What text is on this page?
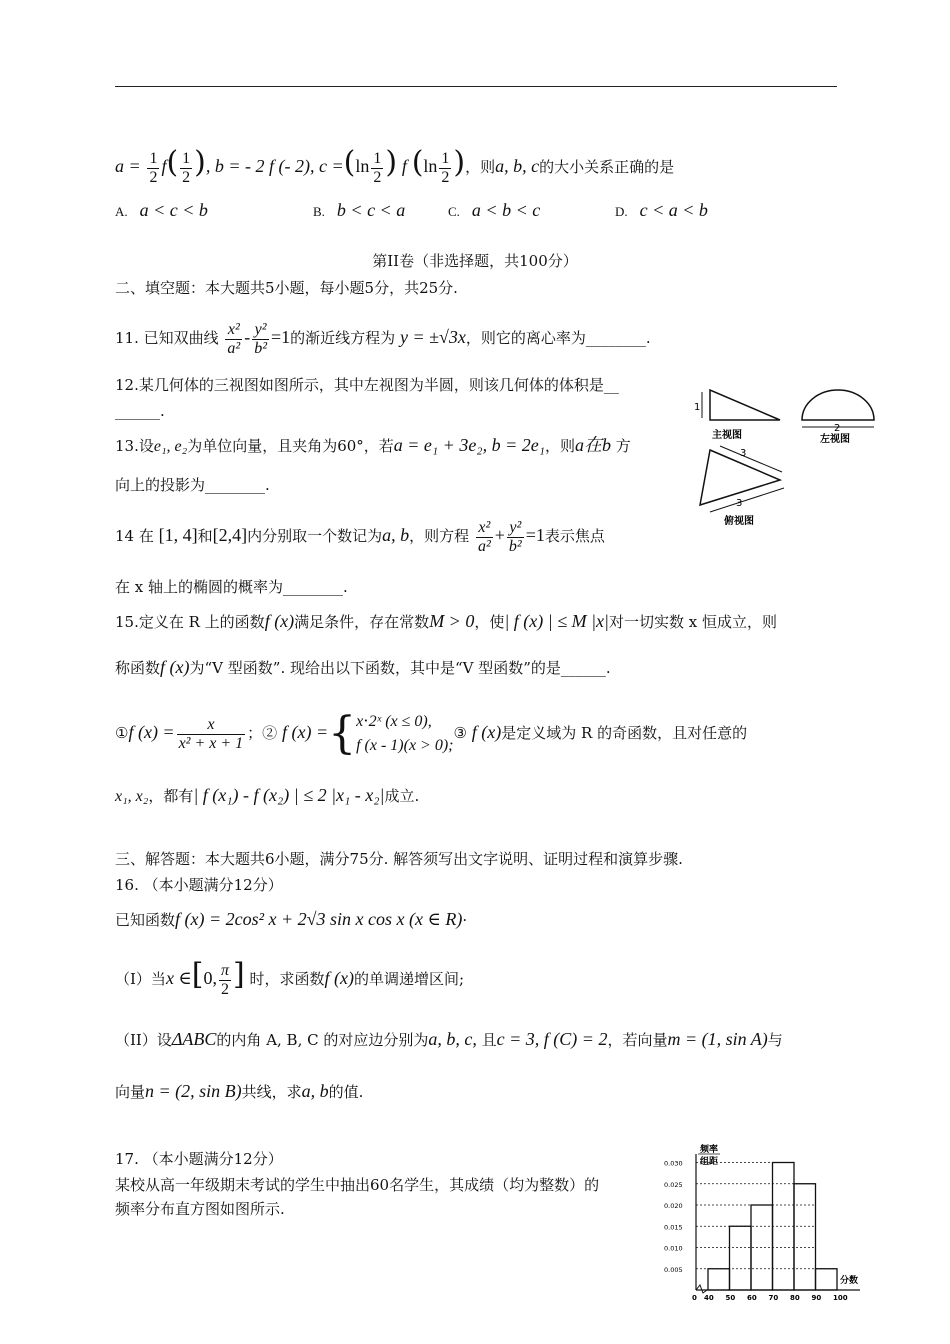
$a = \frac{1}{2} f( \frac{1}{2}$ ), b = - 2 f (- 2), $c =(\ln \frac{1}{2}$ ) f ($\ln \frac{1}{2}$ )，则a, b, c的大小关系正确的是
A. a < c < b	B. b < c < a	C. a < b < c	D. c < a < b
第II卷（非选择题，共100分）
二、填空题：本大题共5小题，每小题5分，共25分.
11. 已知双曲线 $\frac{\text{x²}}{\text{a²}} - \frac{\text{y²}}{\text{b²}} =1$的渐近线方程为 y = ±√3x，则它的离心率为________.
12.某几何体的三视图如图所示，其中左视图为半圆，则该几何体的体积是__
______.
13.设e₁, e₂为单位向量，且夹角为60°，若a = e₁ + 3e₂, b = 2e₁，则a在b 方
向上的投影为________.
14 在 [1, 4]和[2,4]内分别取一个数记为a, b，则方程 $\frac{\text{x²}}{\text{a²}} + \frac{\text{y²}}{\text{b²}} =1$表示焦点
在 x 轴上的椭圆的概率为________.
15.定义在 R 上的函数f (x)满足条件，存在常数M > 0，使| f (x) | ≤ M |x|对一切实数 x 恒成立，则
称函数f (x)为“V 型函数”. 现给出以下函数，其中是“V 型函数”的是______.
①f $(x) = \frac{x}{\text{x² + x + 1}}$ ；② f (x) ={ x⋅2ˣ (x ≤ 0),
f (x - 1)(x > 0);
③ f (x)是定义域为 R 的奇函数，且对任意的
x₁, x₂，都有| f (x₁) - f (x₂) | ≤ 2 |x₁ - x₂|成立.
三、解答题：本大题共6小题，满分75分. 解答须写出文字说明、证明过程和演算步骤.
16. （本小题满分12分）
已知函数f (x) = 2cos² x + 2√3 sin x cos x (x ∈ R)·
（I）当x ∈[0, $\frac{\pi}{2}$ ] 时，求函数f (x)的单调递增区间;
（II）设ΔABC的内角 A, B, C 的对应边分别为a, b, c, 且c = 3, f (C) = 2，若向量m = (1, sin A)与
向量n = (2, sin B)共线，求a, b的值.
17. （本小题满分12分）
某校从高一年级期末考试的学生中抽出60名学生，其成绩（均为整数）的
频率分布直方图如图所示.
1
主视图
2
左视图
3
3
俯视图
频率
组距
分数
0
0.005
0.010
0.015
0.020
0.025
0.030
40 50 60 70 80 90 100
